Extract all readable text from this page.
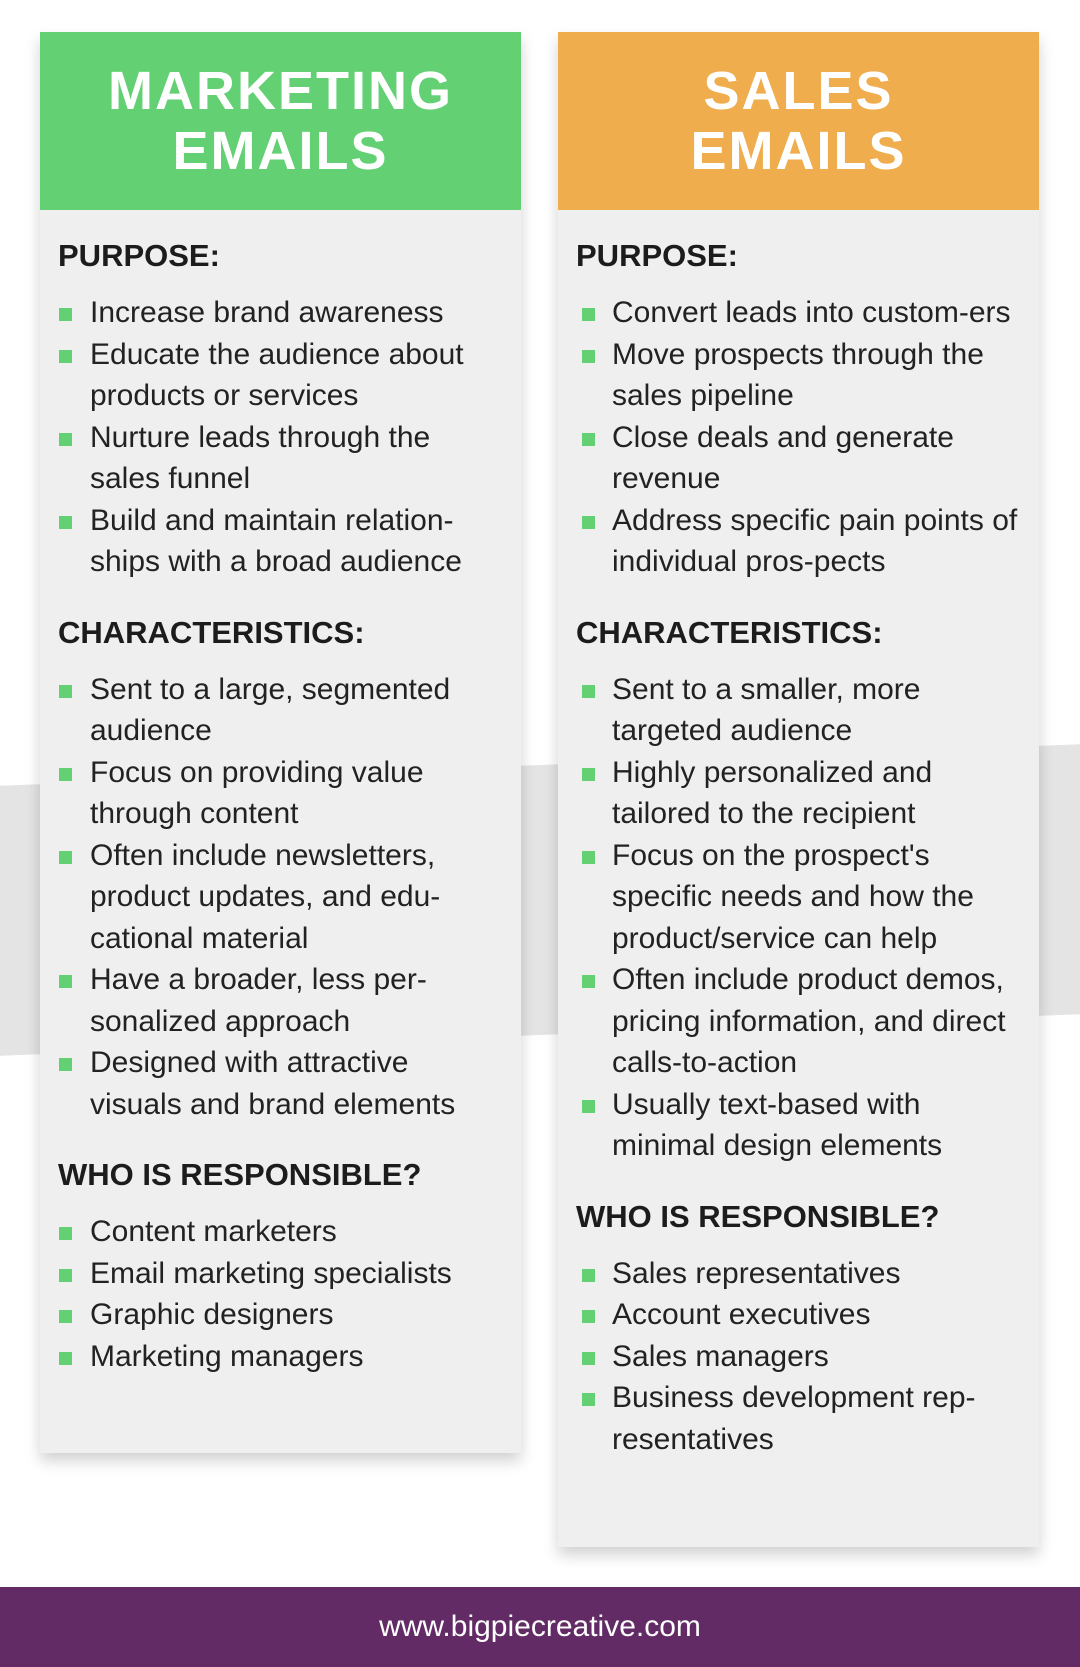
MARKETING
EMAILS
PURPOSE:
Increase brand awareness
Educate the audience about products or services
Nurture leads through the sales funnel
Build and maintain relation-ships with a broad audience
CHARACTERISTICS:
Sent to a large, segmented audience
Focus on providing value through content
Often include newsletters, product updates, and edu-cational material
Have a broader, less per-sonalized approach
Designed with attractive visuals and brand elements
WHO IS RESPONSIBLE?
Content marketers
Email marketing specialists
Graphic designers
Marketing managers
SALES
EMAILS
PURPOSE:
Convert leads into custom-ers
Move prospects through the sales pipeline
Close deals and generate revenue
Address specific pain points of individual pros-pects
CHARACTERISTICS:
Sent to a smaller, more targeted audience
Highly personalized and tailored to the recipient
Focus on the prospect's specific needs and how the product/service can help
Often include product demos, pricing information, and direct calls-to-action
Usually text-based with minimal design elements
WHO IS RESPONSIBLE?
Sales representatives
Account executives
Sales managers
Business development rep-resentatives
www.bigpiecreative.com
